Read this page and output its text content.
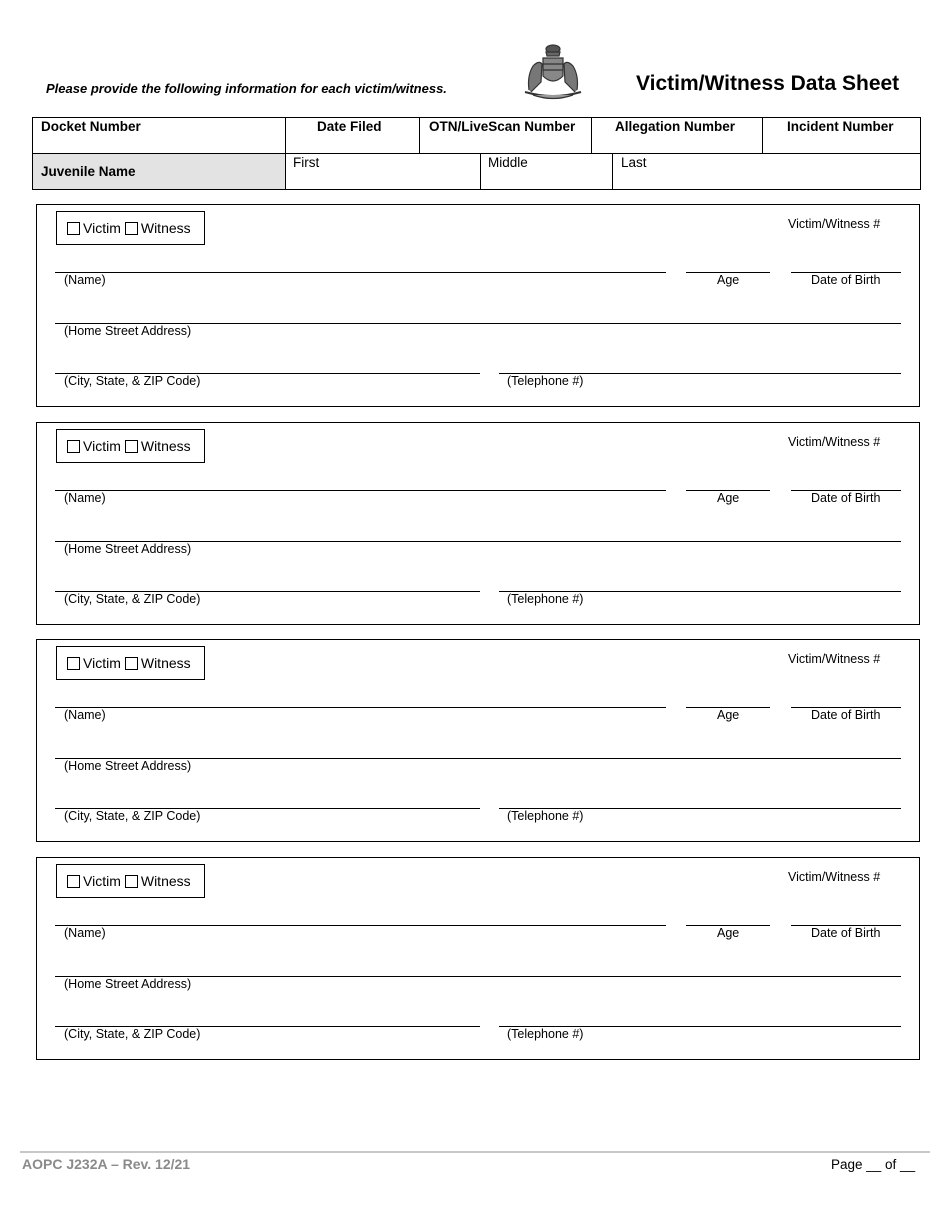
Please provide the following information for each victim/witness.	Victim/Witness Data Sheet
Docket Number	Date Filed	OTN/LiveScan Number	Allegation Number	Incident Number
Juvenile Name
First	Middle	Last
Victim Witness	Victim/Witness #
(Name)	Age	Date of Birth
(Home Street Address)
(City, State, & ZIP Code)	(Telephone #)
Victim Witness	Victim/Witness #
(Name)	Age	Date of Birth
(Home Street Address)
(City, State, & ZIP Code)	(Telephone #)
Victim Witness	Victim/Witness #
(Name)	Age	Date of Birth
(Home Street Address)
(City, State, & ZIP Code)	(Telephone #)
Victim Witness	Victim/Witness #
(Name)	Age	Date of Birth
(Home Street Address)
(City, State, & ZIP Code)	(Telephone #)
AOPC J232A – Rev. 12/21	Page __ of __
